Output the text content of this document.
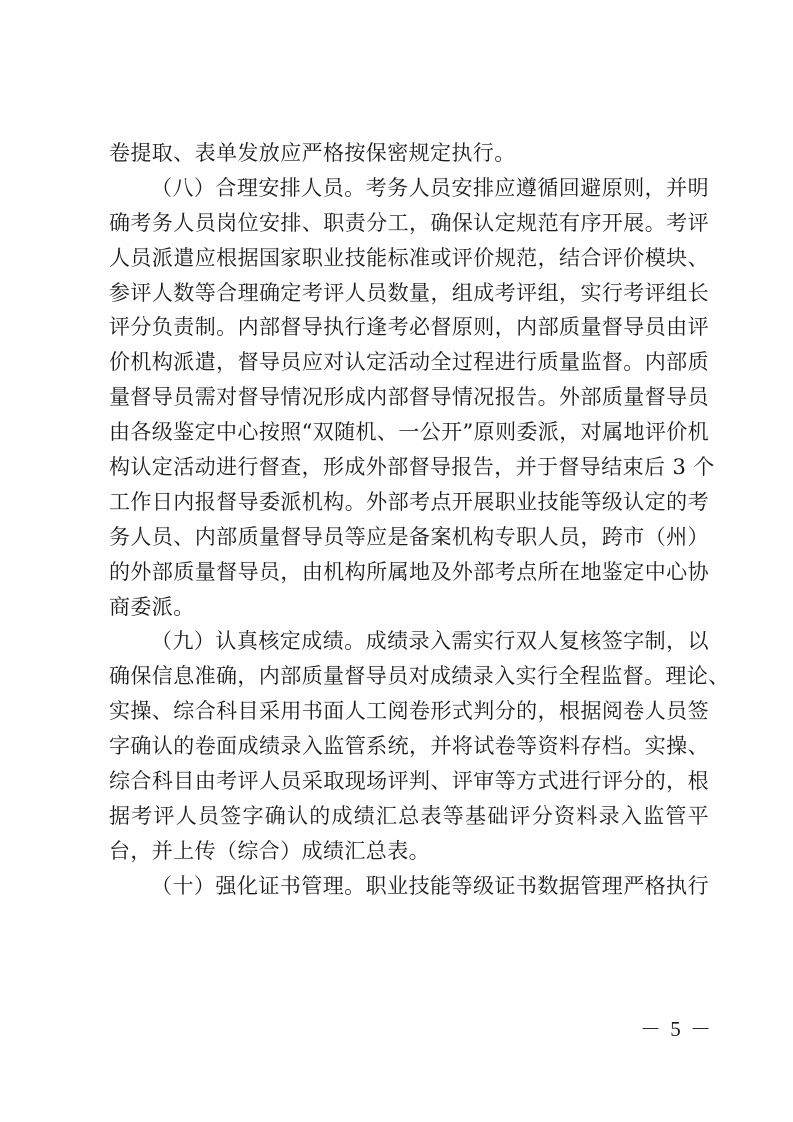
卷提取、表单发放应严格按保密规定执行。
（八）合理安排人员。考务人员安排应遵循回避原则，并明
确考务人员岗位安排、职责分工，确保认定规范有序开展。考评
人员派遣应根据国家职业技能标准或评价规范，结合评价模块、
参评人数等合理确定考评人员数量，组成考评组，实行考评组长
评分负责制。内部督导执行逢考必督原则，内部质量督导员由评
价机构派遣，督导员应对认定活动全过程进行质量监督。内部质
量督导员需对督导情况形成内部督导情况报告。外部质量督导员
由各级鉴定中心按照“双随机、一公开”原则委派，对属地评价机
构认定活动进行督查，形成外部督导报告，并于督导结束后 3 个
工作日内报督导委派机构。外部考点开展职业技能等级认定的考
务人员、内部质量督导员等应是备案机构专职人员，跨市（州）
的外部质量督导员，由机构所属地及外部考点所在地鉴定中心协
商委派。
（九）认真核定成绩。成绩录入需实行双人复核签字制，以
确保信息准确，内部质量督导员对成绩录入实行全程监督。理论、
实操、综合科目采用书面人工阅卷形式判分的，根据阅卷人员签
字确认的卷面成绩录入监管系统，并将试卷等资料存档。实操、
综合科目由考评人员采取现场评判、评审等方式进行评分的，根
据考评人员签字确认的成绩汇总表等基础评分资料录入监管平
台，并上传（综合）成绩汇总表。
（十）强化证书管理。职业技能等级证书数据管理严格执行
－ 5 －
